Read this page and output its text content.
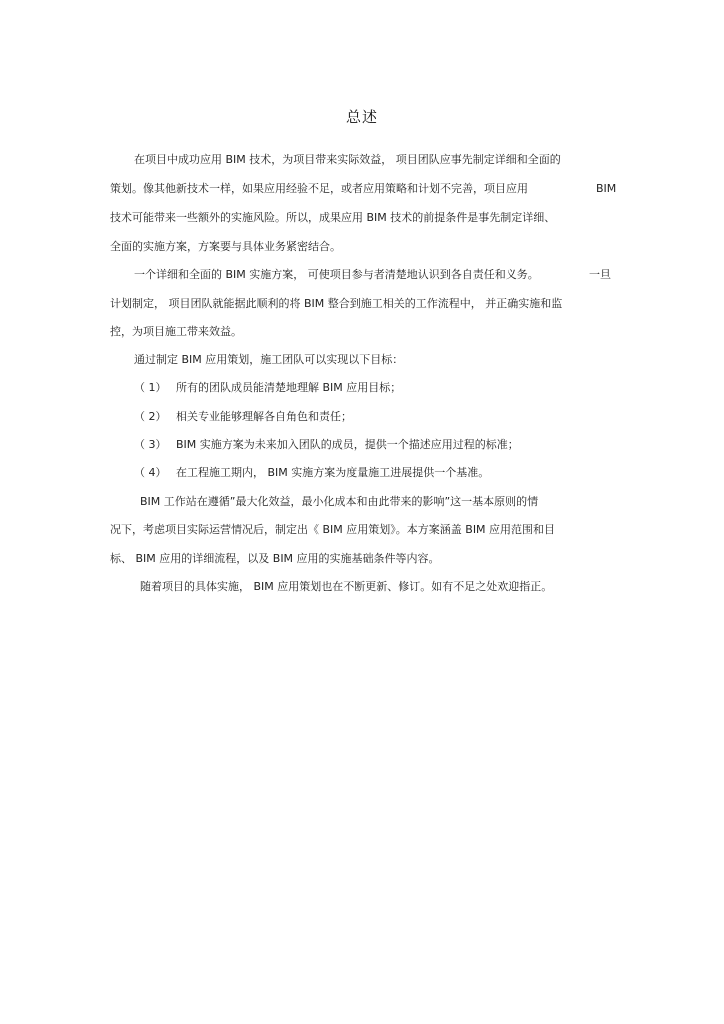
总述
在项目中成功应用 BIM 技术，为项目带来实际效益， 项目团队应事先制定详细和全面的
策划。像其他新技术一样，如果应用经验不足，或者应用策略和计划不完善，项目应用	BIM
技术可能带来一些额外的实施风险。所以，成果应用 BIM 技术的前提条件是事先制定详细、
全面的实施方案，方案要与具体业务紧密结合。
一个详细和全面的 BIM 实施方案， 可使项目参与者清楚地认识到各自责任和义务。	一旦
计划制定， 项目团队就能据此顺利的将 BIM 整合到施工相关的工作流程中， 并正确实施和监
控，为项目施工带来效益。
通过制定 BIM 应用策划，施工团队可以实现以下目标：
（ 1） 所有的团队成员能清楚地理解 BIM 应用目标；
（ 2） 相关专业能够理解各自角色和责任；
（ 3） BIM 实施方案为未来加入团队的成员，提供一个描述应用过程的标准；
（ 4） 在工程施工期内， BIM 实施方案为度量施工进展提供一个基准。
BIM 工作站在遵循”最大化效益，最小化成本和由此带来的影响”这一基本原则的情
况下，考虑项目实际运营情况后，制定出《 BIM 应用策划》。本方案涵盖 BIM 应用范围和目
标、 BIM 应用的详细流程，以及 BIM 应用的实施基础条件等内容。
随着项目的具体实施， BIM 应用策划也在不断更新、修订。如有不足之处欢迎指正。
